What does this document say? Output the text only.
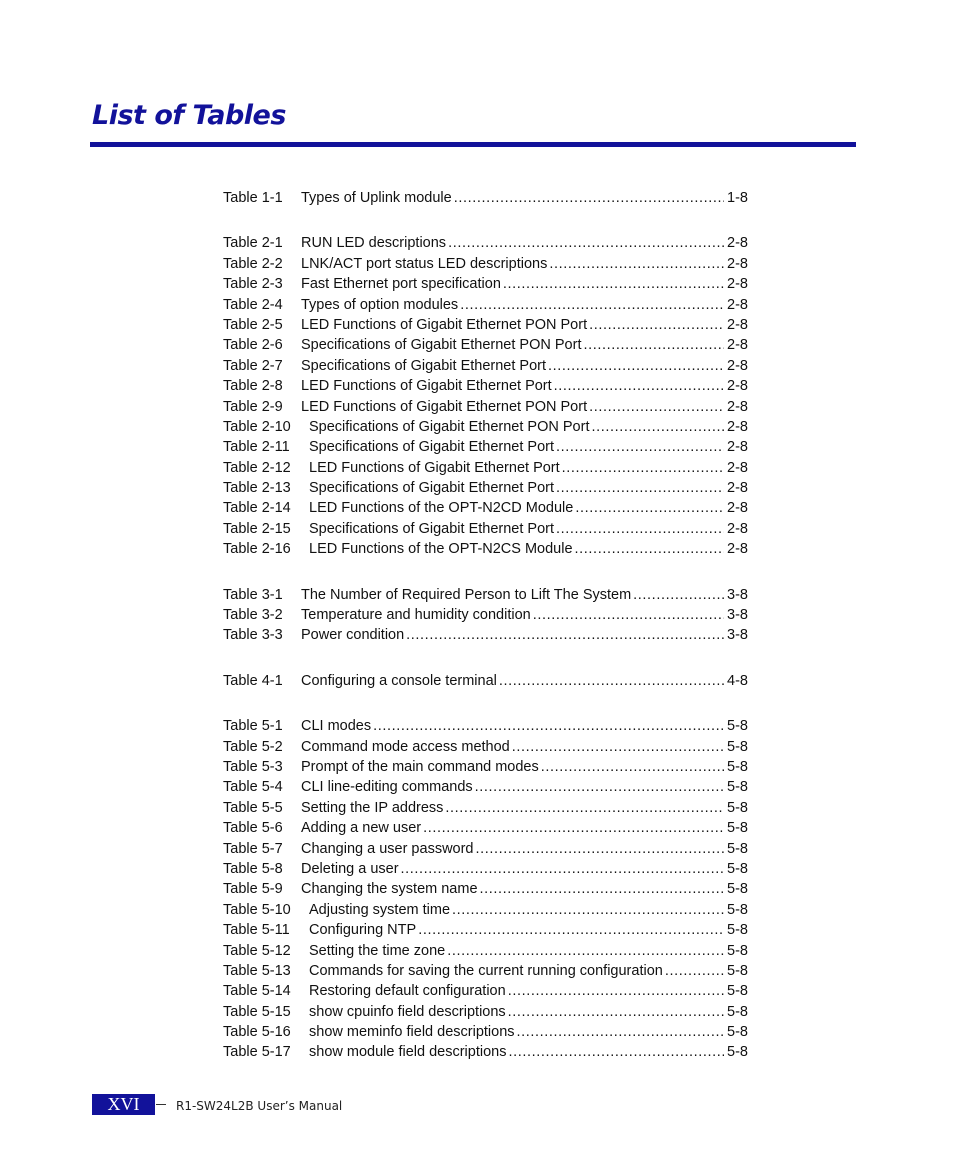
List of Tables
Table 1-1	Types of Uplink module .....	1-8
Table 2-1	RUN LED descriptions .....	2-8
Table 2-2	LNK/ACT port status LED descriptions .....	2-8
Table 2-3	Fast Ethernet port specification .....	2-8
Table 2-4	Types of option modules .....	2-8
Table 2-5	LED Functions of Gigabit Ethernet PON Port .....	2-8
Table 2-6	Specifications of Gigabit Ethernet PON Port .....	2-8
Table 2-7	Specifications of Gigabit Ethernet Port .....	2-8
Table 2-8	LED Functions of Gigabit Ethernet Port .....	2-8
Table 2-9	LED Functions of Gigabit Ethernet PON Port .....	2-8
Table 2-10	Specifications of Gigabit Ethernet PON Port .....	2-8
Table 2-11	Specifications of Gigabit Ethernet Port .....	2-8
Table 2-12	LED Functions of Gigabit Ethernet Port .....	2-8
Table 2-13	Specifications of Gigabit Ethernet Port .....	2-8
Table 2-14	LED Functions of the OPT-N2CD Module .....	2-8
Table 2-15	Specifications of Gigabit Ethernet Port .....	2-8
Table 2-16	LED Functions of the OPT-N2CS Module .....	2-8
Table 3-1	The Number of Required Person to Lift The System .....	3-8
Table 3-2	Temperature and humidity condition .....	3-8
Table 3-3	Power condition .....	3-8
Table 4-1	Configuring a console terminal .....	4-8
Table 5-1	CLI modes .....	5-8
Table 5-2	Command mode access method .....	5-8
Table 5-3	Prompt of the main command modes .....	5-8
Table 5-4	CLI line-editing commands .....	5-8
Table 5-5	Setting the IP address .....	5-8
Table 5-6	Adding a new user .....	5-8
Table 5-7	Changing a user password .....	5-8
Table 5-8	Deleting a user .....	5-8
Table 5-9	Changing the system name .....	5-8
Table 5-10	Adjusting system time .....	5-8
Table 5-11	Configuring NTP .....	5-8
Table 5-12	Setting the time zone .....	5-8
Table 5-13	Commands for saving the current running configuration .....	5-8
Table 5-14	Restoring default configuration .....	5-8
Table 5-15	show cpuinfo field descriptions .....	5-8
Table 5-16	show meminfo field descriptions .....	5-8
Table 5-17	show module field descriptions .....	5-8
XVI	R1-SW24L2B User’s Manual
